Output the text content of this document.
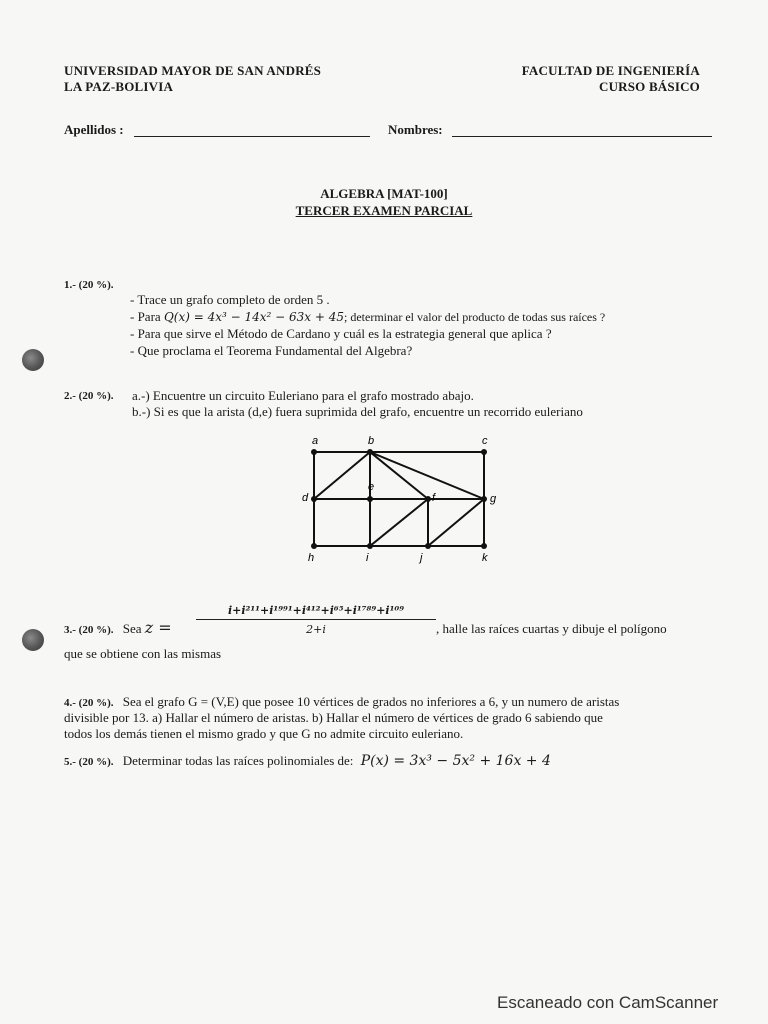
UNIVERSIDAD MAYOR DE SAN ANDRÉS
LA PAZ-BOLIVIA
FACULTAD DE INGENIERÍA
CURSO BÁSICO
Apellidos :	Nombres:
ALGEBRA [MAT-100]
TERCER EXAMEN PARCIAL
1.- (20 %).
- Trace un grafo completo de orden 5 .
- Para Q(x) = 4x³ − 14x² − 63x + 45; determinar el valor del producto de todas sus raíces ?
- Para que sirve el Método de Cardano y cuál es la estrategia general que aplica ?
- Que proclama el Teorema Fundamental del Algebra?
2.- (20 %). a.-) Encuentre un circuito Euleriano para el grafo mostrado abajo.
b.-) Si es que la arista (d,e) fuera suprimida del grafo, encuentre un recorrido euleriano
a	b	c
d
e
f	g
h	i	j	k
3.- (20 %). Sea z =
i+i²¹¹+i¹⁹⁹¹+i⁴¹²+i⁶⁵+i¹⁷⁸⁹+i¹⁰⁹
2+i	, halle las raíces cuartas y dibuje el polígono
que se obtiene con las mismas
4.- (20 %). Sea el grafo G = (V,E) que posee 10 vértices de grados no inferiores a 6, y un numero de aristas
divisible por 13. a) Hallar el número de aristas. b) Hallar el número de vértices de grado 6 sabiendo que
todos los demás tienen el mismo grado y que G no admite circuito euleriano.
5.- (20 %). Determinar todas las raíces polinomiales de: P(x) = 3x³ − 5x² + 16x + 4
Escaneado con CamScanner
